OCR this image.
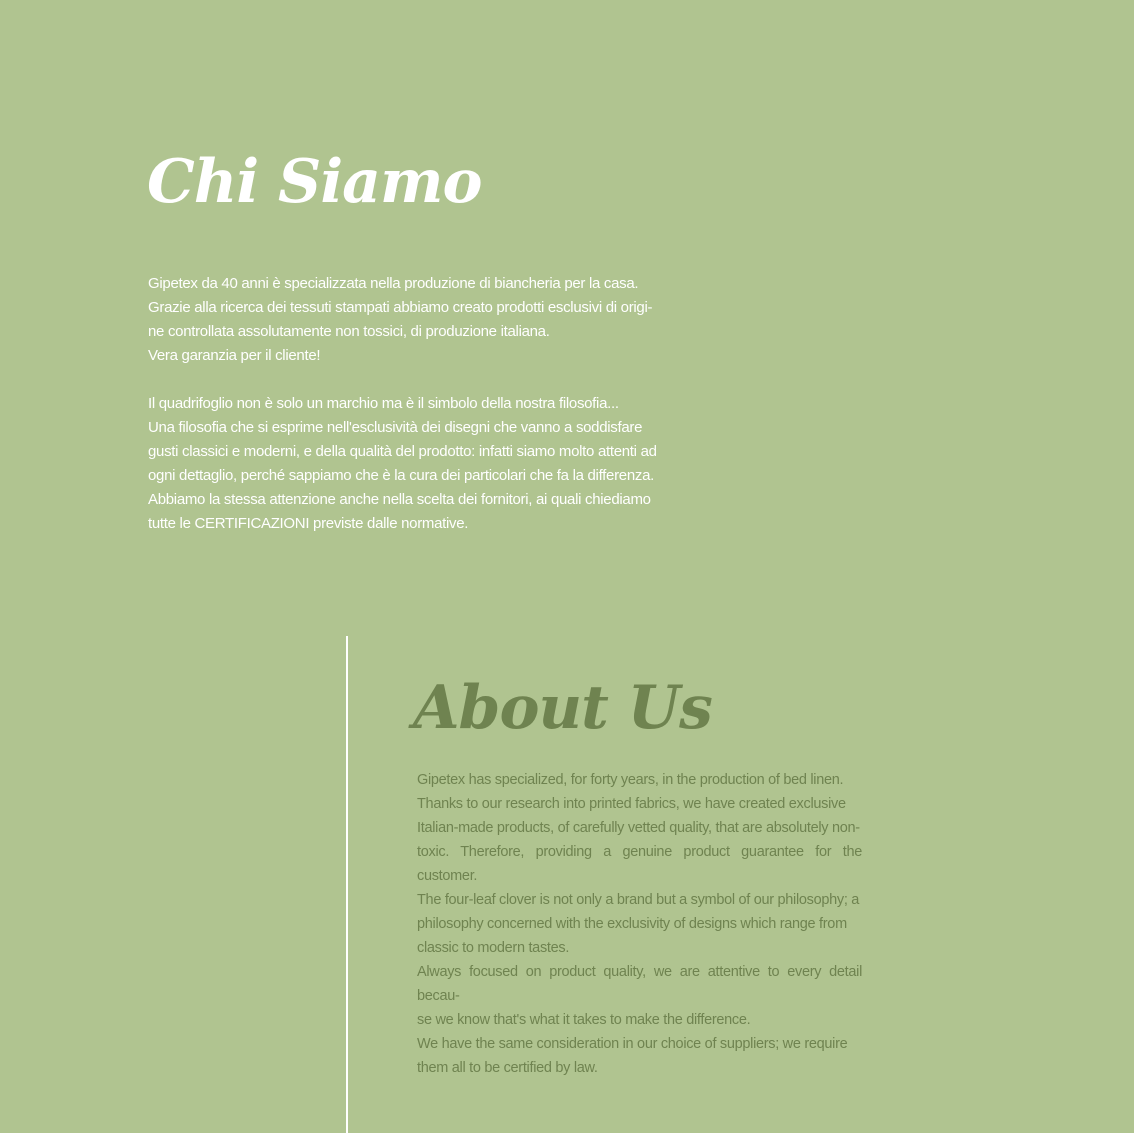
Chi Siamo

Gipetex da 40 anni è specializzata nella produzione di biancheria per la casa.

Grazie alla ricerca dei tessuti stampati abbiamo creato prodotti esclusivi di origi-

ne controllata assolutamente non tossici, di produzione italiana.

Vera garanzia per il cliente!

Il quadrifoglio non è solo un marchio ma è il simbolo della nostra filosofia...

Una filosofia che si esprime nell'esclusività dei disegni che vanno a soddisfare

gusti classici e moderni, e della qualità del prodotto: infatti siamo molto attenti ad

ogni dettaglio, perché sappiamo che è la cura dei particolari che fa la differenza.

Abbiamo la stessa attenzione anche nella scelta dei fornitori, ai quali chiediamo

tutte le CERTIFICAZIONI previste dalle normative.

About Us

Gipetex has specialized, for forty years, in the production of bed linen.

Thanks to our research into printed fabrics, we have created exclusive

Italian-made products, of carefully vetted quality, that are absolutely non-

toxic. Therefore, providing a genuine product guarantee for the customer.

The four-leaf clover is not only a brand but a symbol of our philosophy; a

philosophy concerned with the exclusivity of designs which range from

classic to modern tastes.

Always focused on product quality, we are attentive to every detail becau-

se we know that's what it takes to make the difference.

We have the same consideration in our choice of suppliers; we require

them all to be certified by law.
